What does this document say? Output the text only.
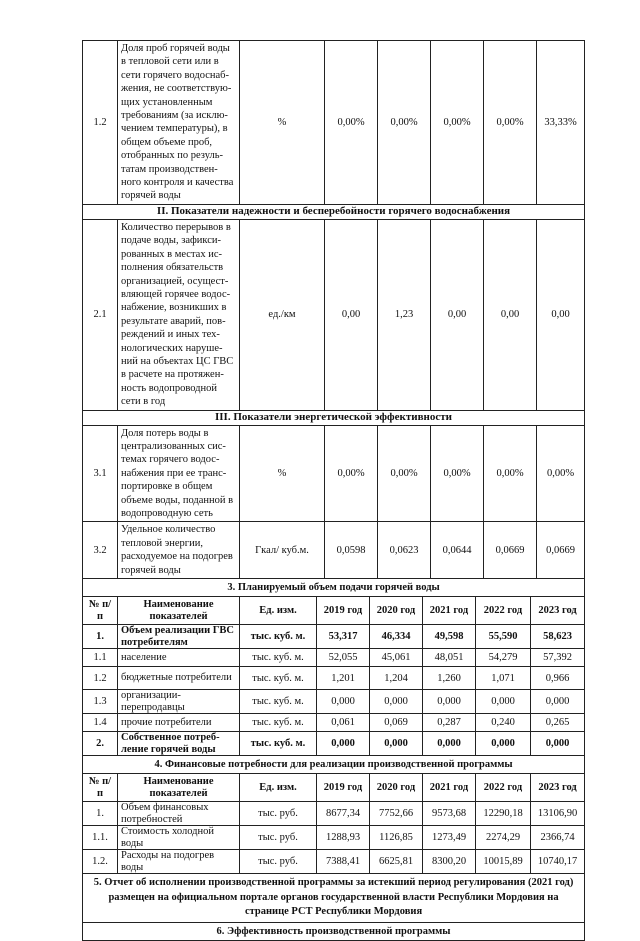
1.2	Доля проб горячей воды в тепловой сети или в сети горячего водоснаб-жения, не соответствую-щих установленным требованиям (за исклю-чением температуры), в общем объеме проб, отобранных по резуль-татам производствен-ного контроля и качества горячей воды	%	0,00%	0,00%	0,00%	0,00%	33,33%
II. Показатели надежности и бесперебойности горячего водоснабжения							
2.1	Количество перерывов в подаче воды, зафикси-рованных в местах ис-полнения обязательств организацией, осущест-вляющей горячее водос-набжение, возникших в результате аварий, пов-реждений и иных тех-нологических наруше-ний на объектах ЦС ГВС в расчете на протяжен-ность водопроводной сети в год	ед./км	0,00	1,23	0,00	0,00	0,00
III. Показатели энергетической эффективности							
3.1	Доля потерь воды в централизованных сис-темах горячего водос-набжения при ее транс-портировке в общем объеме воды, поданной в водопроводную сеть	%	0,00%	0,00%	0,00%	0,00%	0,00%
3.2	Удельное количество тепловой энергии, расходуемое на подогрев горячей воды	Гкал/ куб.м.	0,0598	0,0623	0,0644	0,0669	0,0669
3. Планируемый объем подачи горячей воды							
№ п/п	Наименование показателей	Ед. изм.	2019 год	2020 год	2021 год	2022 год	2023 год
1.	Объем реализации ГВС потребителям	тыс. куб. м.	53,317	46,334	49,598	55,590	58,623
1.1	население	тыс. куб. м.	52,055	45,061	48,051	54,279	57,392
1.2	бюджетные потребители	тыс. куб. м.	1,201	1,204	1,260	1,071	0,966
1.3	организации-перепродавцы	тыс. куб. м.	0,000	0,000	0,000	0,000	0,000
1.4	прочие потребители	тыс. куб. м.	0,061	0,069	0,287	0,240	0,265
2.	Собственное потреб-ление горячей воды	тыс. куб. м.	0,000	0,000	0,000	0,000	0,000
4. Финансовые потребности для реализации производственной программы							
№ п/п	Наименование показателей	Ед. изм.	2019 год	2020 год	2021 год	2022 год	2023 год
1.	Объем финансовых потребностей	тыс. руб.	8677,34	7752,66	9573,68	12290,18	13106,90
1.1.	Стоимость холодной воды	тыс. руб.	1288,93	1126,85	1273,49	2274,29	2366,74
1.2.	Расходы на подогрев воды	тыс. руб.	7388,41	6625,81	8300,20	10015,89	10740,17
5. Отчет об исполнении производственной программы за истекший период регулирования (2021 год) размещен на официальном портале органов государственной власти Республики Мордовия на странице РСТ Республики Мордовия							
6. Эффективность производственной программы							
